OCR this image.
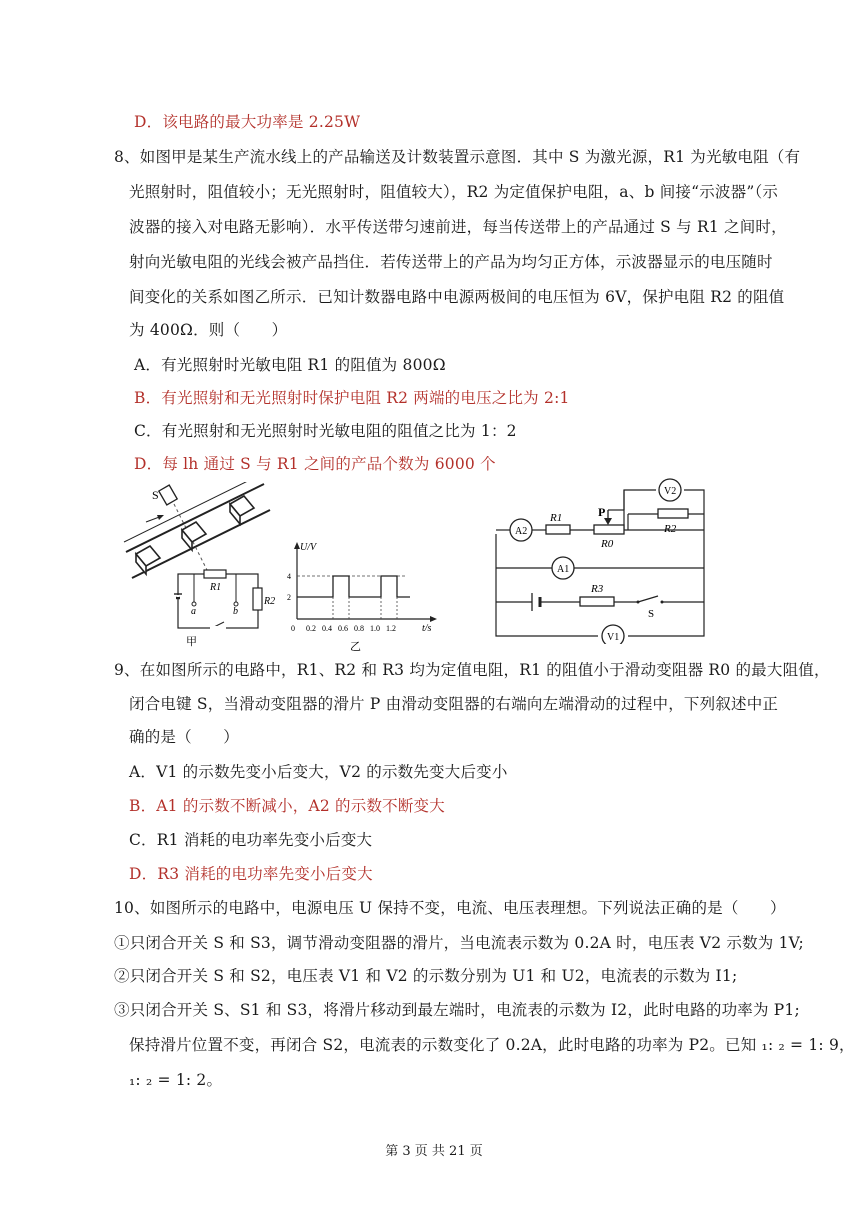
D．该电路的最大功率是 2.25W
8、如图甲是某生产流水线上的产品输送及计数装置示意图．其中 S 为激光源，R1 为光敏电阻（有
光照射时，阻值较小；无光照射时，阻值较大），R2 为定值保护电阻，a、b 间接“示波器”（示
波器的接入对电路无影响）．水平传送带匀速前进，每当传送带上的产品通过 S 与 R1 之间时，
射向光敏电阻的光线会被产品挡住．若传送带上的产品为均匀正方体，示波器显示的电压随时
间变化的关系如图乙所示．已知计数器电路中电源两极间的电压恒为 6V，保护电阻 R2 的阻值
为 400Ω．则（　　）
A．有光照射时光敏电阻 R1 的阻值为 800Ω
B．有光照射和无光照射时保护电阻 R2 两端的电压之比为 2:1
C．有光照射和无光照射时光敏电阻的阻值之比为 1：2
D．每 lh 通过 S 与 R1 之间的产品个数为 6000 个
S
R1
R2
a	b
甲
U/V
t/s
0 0.2 0.4 0.6 0.8 1.0 1.2
2
4
乙
V2
A2
A1
V1
R1	P
R0
R2
R3
S
9、在如图所示的电路中，R1、R2 和 R3 均为定值电阻，R1 的阻值小于滑动变阻器 R0 的最大阻值，
闭合电键 S，当滑动变阻器的滑片 P 由滑动变阻器的右端向左端滑动的过程中，下列叙述中正
确的是（　　）
A．V1 的示数先变小后变大，V2 的示数先变大后变小
B．A1 的示数不断减小，A2 的示数不断变大
C．R1 消耗的电功率先变小后变大
D．R3 消耗的电功率先变小后变大
10、如图所示的电路中，电源电压 U 保持不变，电流、电压表理想。下列说法正确的是（　　）
①只闭合开关 S 和 S3，调节滑动变阻器的滑片，当电流表示数为 0.2A 时，电压表 V2 示数为 1V;
②只闭合开关 S 和 S2，电压表 V1 和 V2 的示数分别为 U1 和 U2，电流表的示数为 I1;
③只闭合开关 S、S1 和 S3，将滑片移动到最左端时，电流表的示数为 I2，此时电路的功率为 P1;
保持滑片位置不变，再闭合 S2，电流表的示数变化了 0.2A，此时电路的功率为 P2。已知 ₁: ₂ = 1: 9，
₁: ₂ = 1: 2。
第 3 页 共 21 页
